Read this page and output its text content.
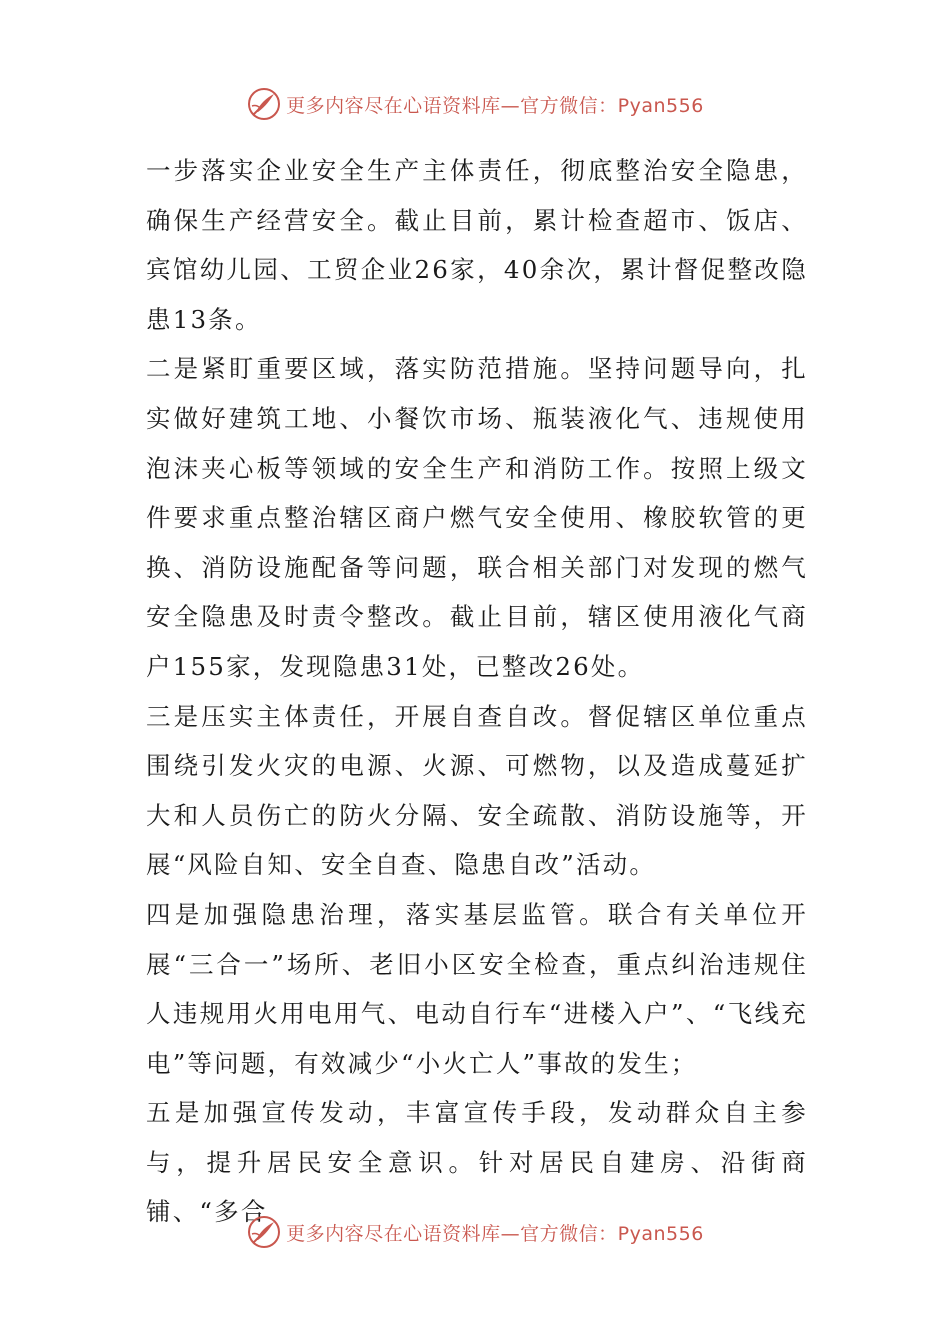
更多内容尽在心语资料库—官方微信：Pyan556

一步落实企业安全生产主体责任，彻底整治安全隐患，确保生产经营安全。截止目前，累计检查超市、饭店、宾馆幼儿园、工贸企业26家，40余次，累计督促整改隐患13条。

二是紧盯重要区域，落实防范措施。坚持问题导向，扎实做好建筑工地、小餐饮市场、瓶装液化气、违规使用泡沫夹心板等领域的安全生产和消防工作。按照上级文件要求重点整治辖区商户燃气安全使用、橡胶软管的更换、消防设施配备等问题，联合相关部门对发现的燃气安全隐患及时责令整改。截止目前，辖区使用液化气商户155家，发现隐患31处，已整改26处。

三是压实主体责任，开展自查自改。督促辖区单位重点围绕引发火灾的电源、火源、可燃物，以及造成蔓延扩大和人员伤亡的防火分隔、安全疏散、消防设施等，开展“风险自知、安全自查、隐患自改”活动。

四是加强隐患治理，落实基层监管。联合有关单位开展“三合一”场所、老旧小区安全检查，重点纠治违规住人违规用火用电用气、电动自行车“进楼入户”、“飞线充电”等问题，有效减少“小火亡人”事故的发生；

五是加强宣传发动，丰富宣传手段，发动群众自主参与，提升居民安全意识。针对居民自建房、沿街商铺、“多合

更多内容尽在心语资料库—官方微信：Pyan556
